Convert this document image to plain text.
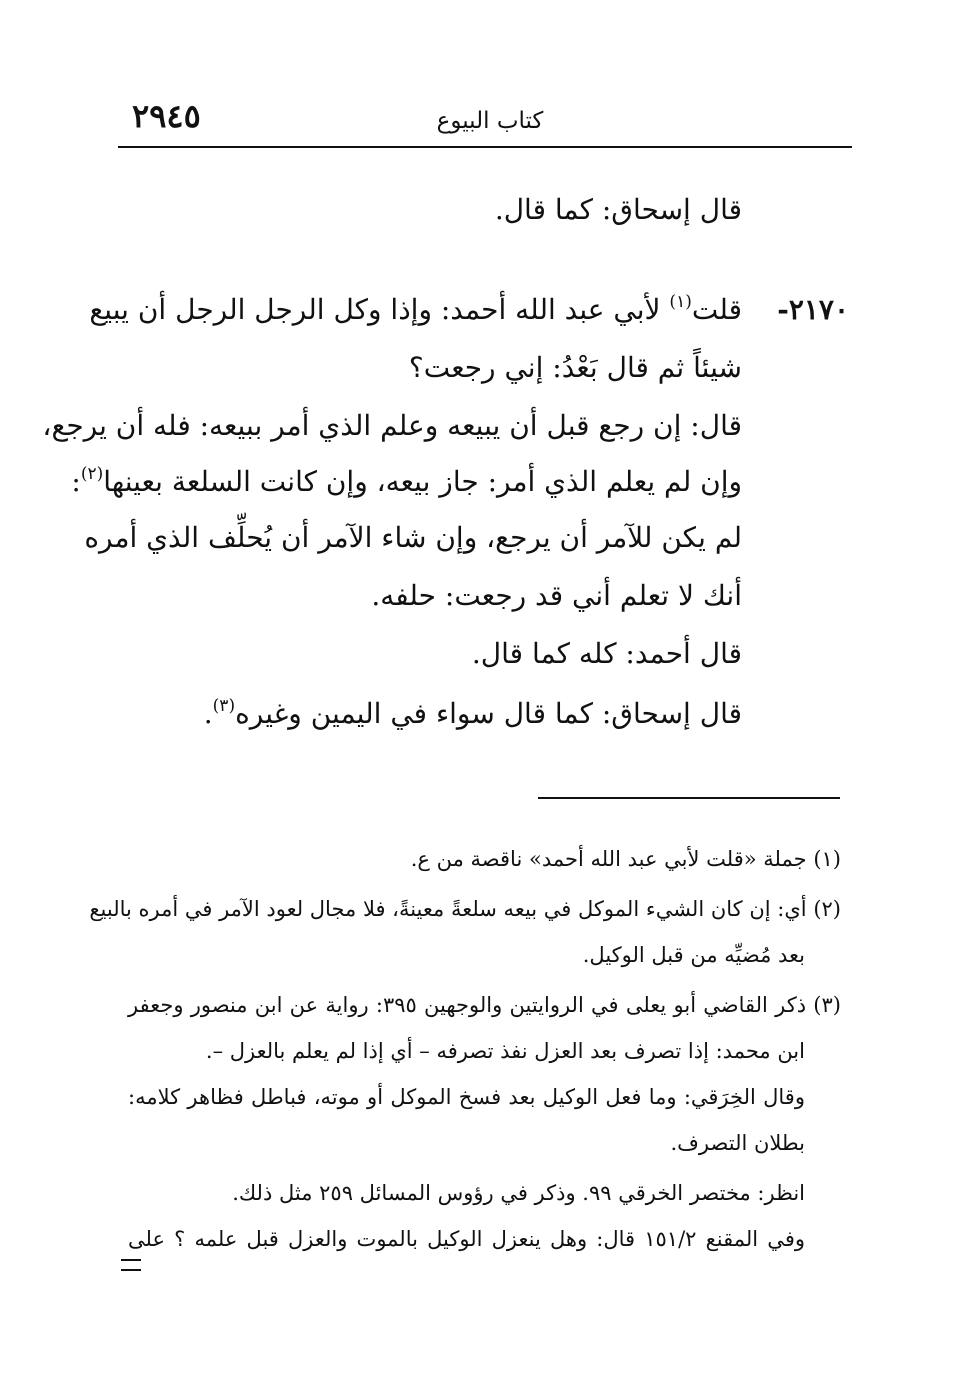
كتاب البيوع
٢٩٤٥
قال إسحاق: كما قال.
٢١٧٠-
قلت$^{(١)}$ لأبي عبد الله أحمد: وإذا وكل الرجل الرجل أن يبيع
شيئاً ثم قال بَعْدُ: إني رجعت؟
قال: إن رجع قبل أن يبيعه وعلم الذي أمر ببيعه: فله أن يرجع،
وإن لم يعلم الذي أمر: جاز بيعه، وإن كانت السلعة بعينها$^{(٢)}$:
لم يكن للآمر أن يرجع، وإن شاء الآمر أن يُحلِّف الذي أمره
أنك لا تعلم أني قد رجعت: حلفه.
قال أحمد: كله كما قال.
قال إسحاق: كما قال سواء في اليمين وغيره$^{(٣)}$.
(١) جملة «قلت لأبي عبد الله أحمد» ناقصة من ع.
(٢) أي: إن كان الشيء الموكل في بيعه سلعةً معينةً، فلا مجال لعود الآمر في أمره بالبيع
بعد مُضيِّه من قبل الوكيل.
(٣) ذكر القاضي أبو يعلى في الروايتين والوجهين ٣٩٥: رواية عن ابن منصور وجعفر
ابن محمد: إذا تصرف بعد العزل نفذ تصرفه – أي إذا لم يعلم بالعزل –.
وقال الخِرَقي: وما فعل الوكيل بعد فسخ الموكل أو موته، فباطل فظاهر كلامه:
بطلان التصرف.
انظر: مختصر الخرقي ٩٩. وذكر في رؤوس المسائل ٢٥٩ مثل ذلك.
وفي المقنع ١٥١/٢ قال: وهل ينعزل الوكيل بالموت والعزل قبل علمه ؟ على
